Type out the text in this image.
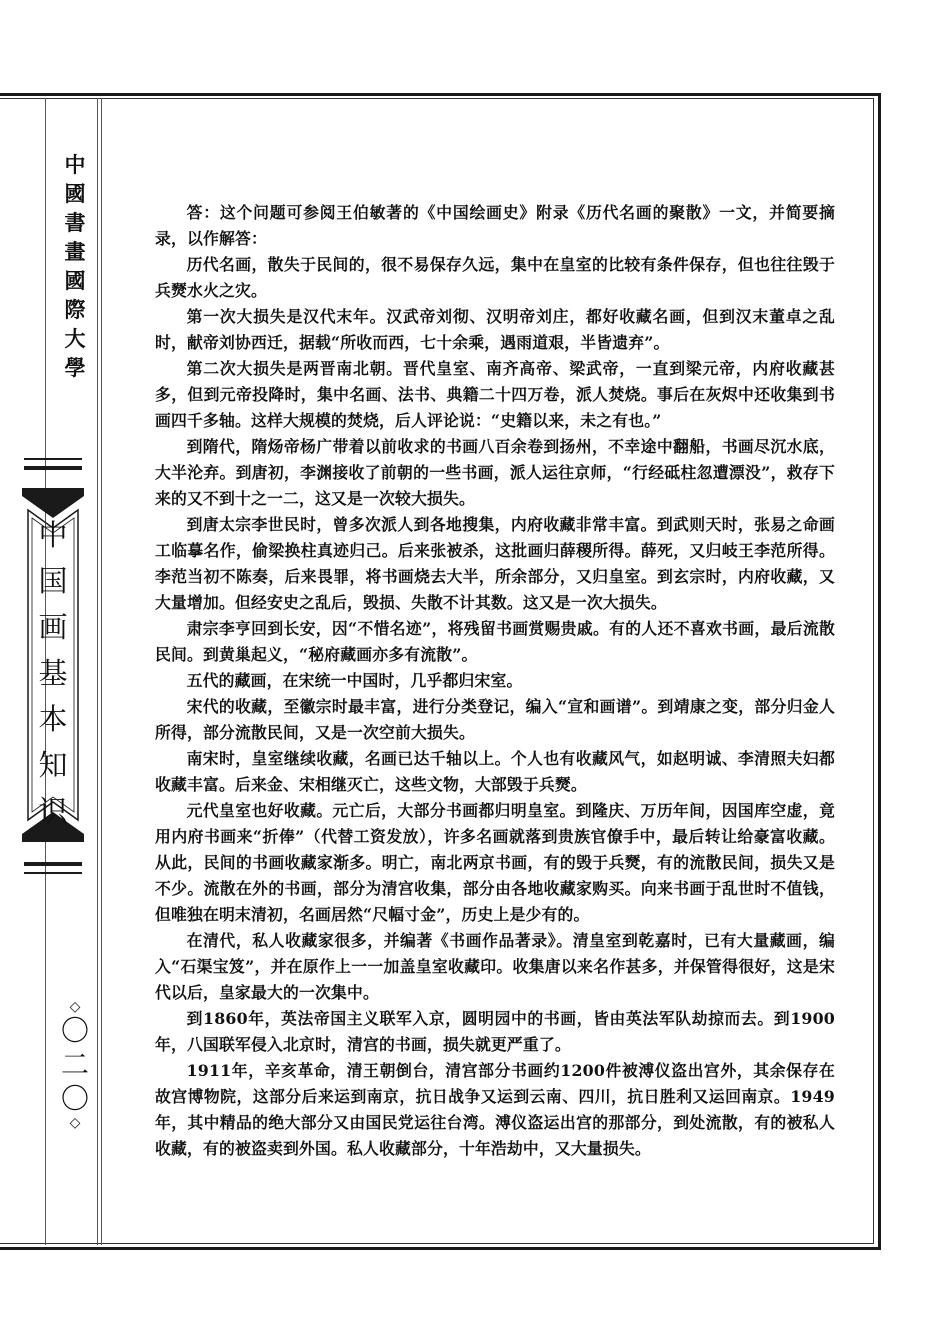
中
國
書
畫
國
際
大
學
中
国
画
基
本
知
识
◇
〇
二
〇
◇

答：这个问题可参阅王伯敏著的《中国绘画史》附录《历代名画的聚散》一文，并简要摘录，以作解答：

历代名画，散失于民间的，很不易保存久远，集中在皇室的比较有条件保存，但也往往毁于兵燹水火之灾。

第一次大损失是汉代末年。汉武帝刘彻、汉明帝刘庄，都好收藏名画，但到汉末董卓之乱时，献帝刘协西迁，据载“所收而西，七十余乘，遇雨道艰，半皆遗弃”。

第二次大损失是两晋南北朝。晋代皇室、南齐高帝、梁武帝，一直到梁元帝，内府收藏甚多，但到元帝投降时，集中名画、法书、典籍二十四万卷，派人焚烧。事后在灰烬中还收集到书画四千多轴。这样大规模的焚烧，后人评论说：“史籍以来，未之有也。”

到隋代，隋炀帝杨广带着以前收求的书画八百余卷到扬州，不幸途中翻船，书画尽沉水底，大半沦弃。到唐初，李渊接收了前朝的一些书画，派人运往京师，“行经砥柱忽遭漂没”，救存下来的又不到十之一二，这又是一次较大损失。

到唐太宗李世民时，曾多次派人到各地搜集，内府收藏非常丰富。到武则天时，张易之命画工临摹名作，偷梁换柱真迹归己。后来张被杀，这批画归薛稷所得。薛死，又归岐王李范所得。李范当初不陈奏，后来畏罪，将书画烧去大半，所余部分，又归皇室。到玄宗时，内府收藏，又大量增加。但经安史之乱后，毁损、失散不计其数。这又是一次大损失。

肃宗李亨回到长安，因“不惜名迹”，将残留书画赏赐贵戚。有的人还不喜欢书画，最后流散民间。到黄巢起义，“秘府藏画亦多有流散”。

五代的藏画，在宋统一中国时，几乎都归宋室。

宋代的收藏，至徽宗时最丰富，进行分类登记，编入“宣和画谱”。到靖康之变，部分归金人所得，部分流散民间，又是一次空前大损失。

南宋时，皇室继续收藏，名画已达千轴以上。个人也有收藏风气，如赵明诚、李清照夫妇都收藏丰富。后来金、宋相继灭亡，这些文物，大部毁于兵燹。

元代皇室也好收藏。元亡后，大部分书画都归明皇室。到隆庆、万历年间，因国库空虚，竟用内府书画来“折俸”（代替工资发放），许多名画就落到贵族官僚手中，最后转让给豪富收藏。从此，民间的书画收藏家渐多。明亡，南北两京书画，有的毁于兵燹，有的流散民间，损失又是不少。流散在外的书画，部分为清宫收集，部分由各地收藏家购买。向来书画于乱世时不值钱，但唯独在明末清初，名画居然“尺幅寸金”，历史上是少有的。

在清代，私人收藏家很多，并编著《书画作品著录》。清皇室到乾嘉时，已有大量藏画，编入“石渠宝笈”，并在原作上一一加盖皇室收藏印。收集唐以来名作甚多，并保管得很好，这是宋代以后，皇家最大的一次集中。

到1860年，英法帝国主义联军入京，圆明园中的书画，皆由英法军队劫掠而去。到1900年，八国联军侵入北京时，清宫的书画，损失就更严重了。

1911年，辛亥革命，清王朝倒台，清宫部分书画约1200件被溥仪盗出宫外，其余保存在故宫博物院，这部分后来运到南京，抗日战争又运到云南、四川，抗日胜利又运回南京。1949年，其中精品的绝大部分又由国民党运往台湾。溥仪盗运出宫的那部分，到处流散，有的被私人收藏，有的被盗卖到外国。私人收藏部分，十年浩劫中，又大量损失。
